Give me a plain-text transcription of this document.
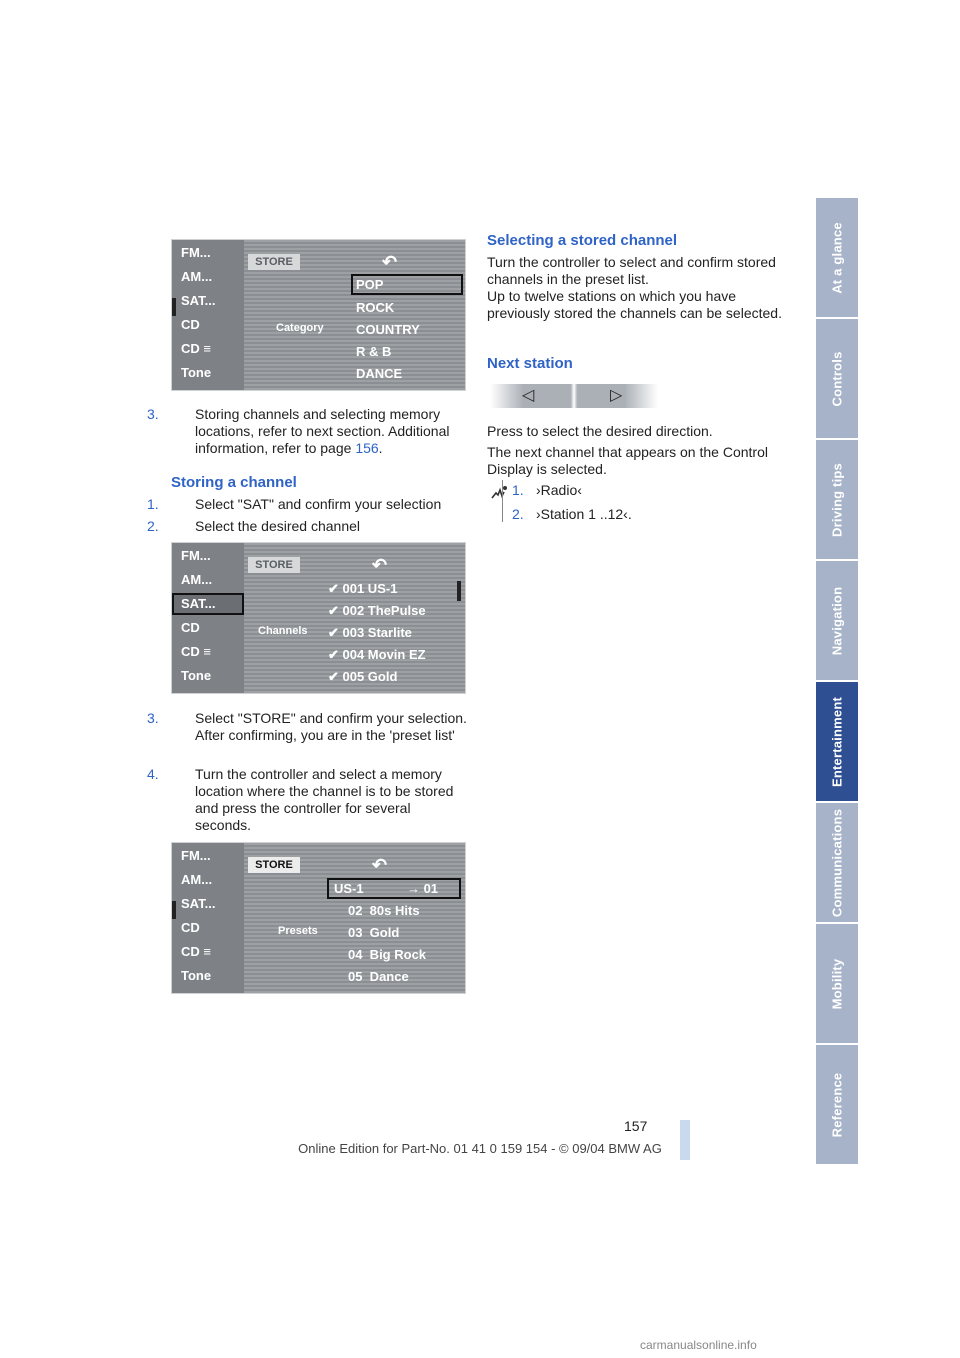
At a glance
Controls
Driving tips
Navigation
Entertainment
Communications
Mobility
Reference
FM...
AM...
SAT...
CD
CD ≡
Tone
STORE
Category
↶
POP
ROCK
COUNTRY
R & B
DANCE
3.	Storing channels and selecting memory locations, refer to next section. Additional information, refer to page 156.
Storing a channel
1.	Select "SAT" and confirm your selection
2.	Select the desired channel
FM...
AM...
SAT...
CD
CD ≡
Tone
STORE
Channels
↶
✔ 001 US-1
✔ 002 ThePulse
✔ 003 Starlite
✔ 004 Movin EZ
✔ 005 Gold
3.	Select "STORE" and confirm your selection. After confirming, you are in the 'preset list'
4.	Turn the controller and select a memory location where the channel is to be stored and press the controller for several seconds.
FM...
AM...
SAT...
CD
CD ≡
Tone
STORE
Presets
↶
US-1            → 01
02  80s Hits
03  Gold
04  Big Rock
05  Dance
Selecting a stored channel
Turn the controller to select and confirm stored channels in the preset list.
Up to twelve stations on which you have previously stored the channels can be selected.
Next station
◁	▷
Press to select the desired direction.
The next channel that appears on the Control Display is selected.
1. ›Radio‹
2. ›Station 1 ..12‹.
157
Online Edition for Part-No. 01 41 0 159 154 - © 09/04 BMW AG
carmanualsonline.info
